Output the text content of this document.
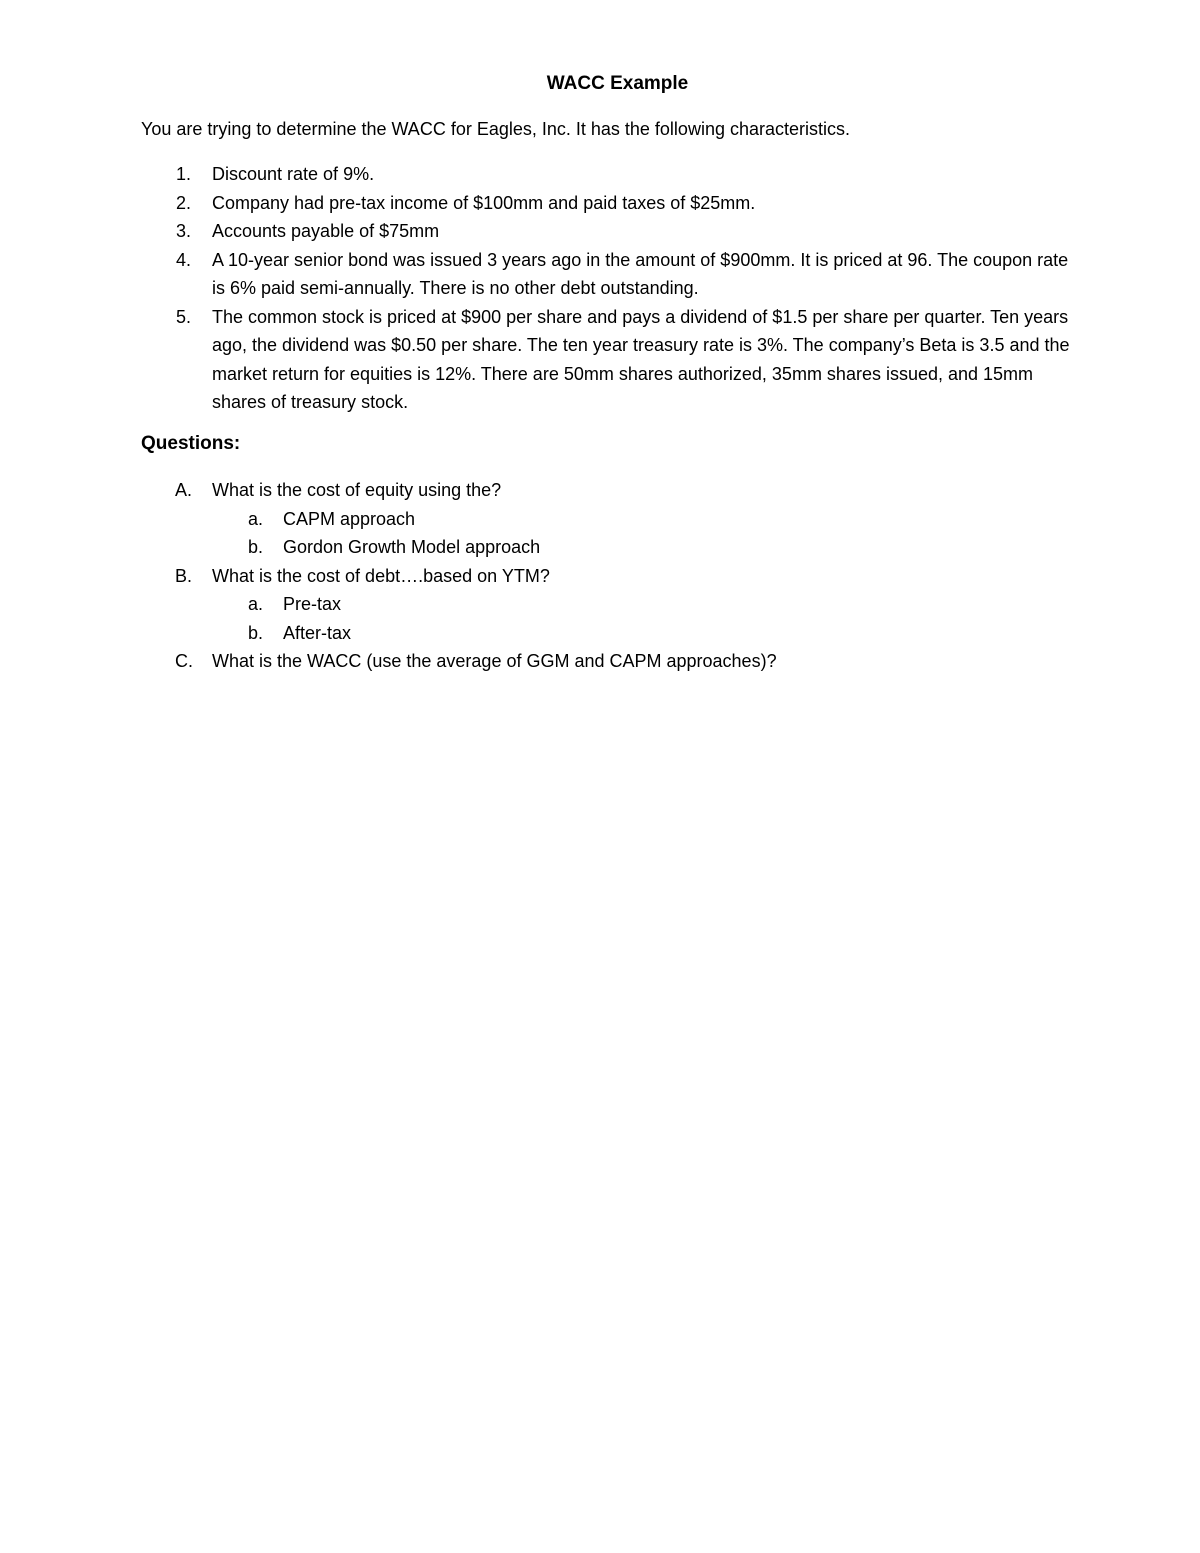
WACC Example
You are trying to determine the WACC for Eagles, Inc. It has the following characteristics.
1. Discount rate of 9%.
2. Company had pre-tax income of $100mm and paid taxes of $25mm.
3. Accounts payable of $75mm
4. A 10-year senior bond was issued 3 years ago in the amount of $900mm. It is priced at 96. The coupon rate is 6% paid semi-annually. There is no other debt outstanding.
5. The common stock is priced at $900 per share and pays a dividend of $1.5 per share per quarter. Ten years ago, the dividend was $0.50 per share. The ten year treasury rate is 3%. The company’s Beta is 3.5 and the market return for equities is 12%. There are 50mm shares authorized, 35mm shares issued, and 15mm shares of treasury stock.
Questions:
A. What is the cost of equity using the?
a. CAPM approach
b. Gordon Growth Model approach
B. What is the cost of debt….based on YTM?
a. Pre-tax
b. After-tax
C. What is the WACC (use the average of GGM and CAPM approaches)?
